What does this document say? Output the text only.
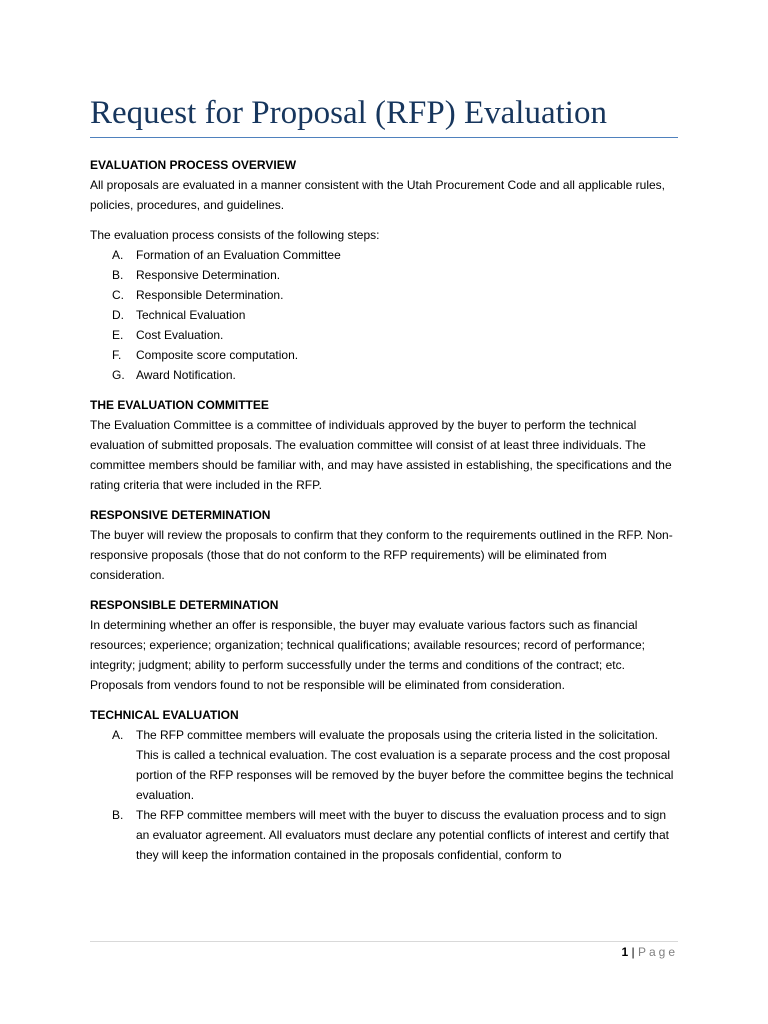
Request for Proposal (RFP) Evaluation
EVALUATION PROCESS OVERVIEW

All proposals are evaluated in a manner consistent with the Utah Procurement Code and all applicable rules, policies, procedures, and guidelines.

The evaluation process consists of the following steps:

A. Formation of an Evaluation Committee
B. Responsive Determination.
C. Responsible Determination.
D. Technical Evaluation
E. Cost Evaluation.
F. Composite score computation.
G. Award Notification.
THE EVALUATION COMMITTEE

The Evaluation Committee is a committee of individuals approved by the buyer to perform the technical evaluation of submitted proposals. The evaluation committee will consist of at least three individuals. The committee members should be familiar with, and may have assisted in establishing, the specifications and the rating criteria that were included in the RFP.

RESPONSIVE DETERMINATION

The buyer will review the proposals to confirm that they conform to the requirements outlined in the RFP. Non-responsive proposals (those that do not conform to the RFP requirements) will be eliminated from consideration.

RESPONSIBLE DETERMINATION

In determining whether an offer is responsible, the buyer may evaluate various factors such as financial resources; experience; organization; technical qualifications; available resources; record of performance; integrity; judgment; ability to perform successfully under the terms and conditions of the contract; etc. Proposals from vendors found to not be responsible will be eliminated from consideration.

TECHNICAL EVALUATION
A. The RFP committee members will evaluate the proposals using the criteria listed in the solicitation. This is called a technical evaluation. The cost evaluation is a separate process and the cost proposal portion of the RFP responses will be removed by the buyer before the committee begins the technical evaluation.
B. The RFP committee members will meet with the buyer to discuss the evaluation process and to sign an evaluator agreement. All evaluators must declare any potential conflicts of interest and certify that they will keep the information contained in the proposals confidential, conform to
1 | Page
